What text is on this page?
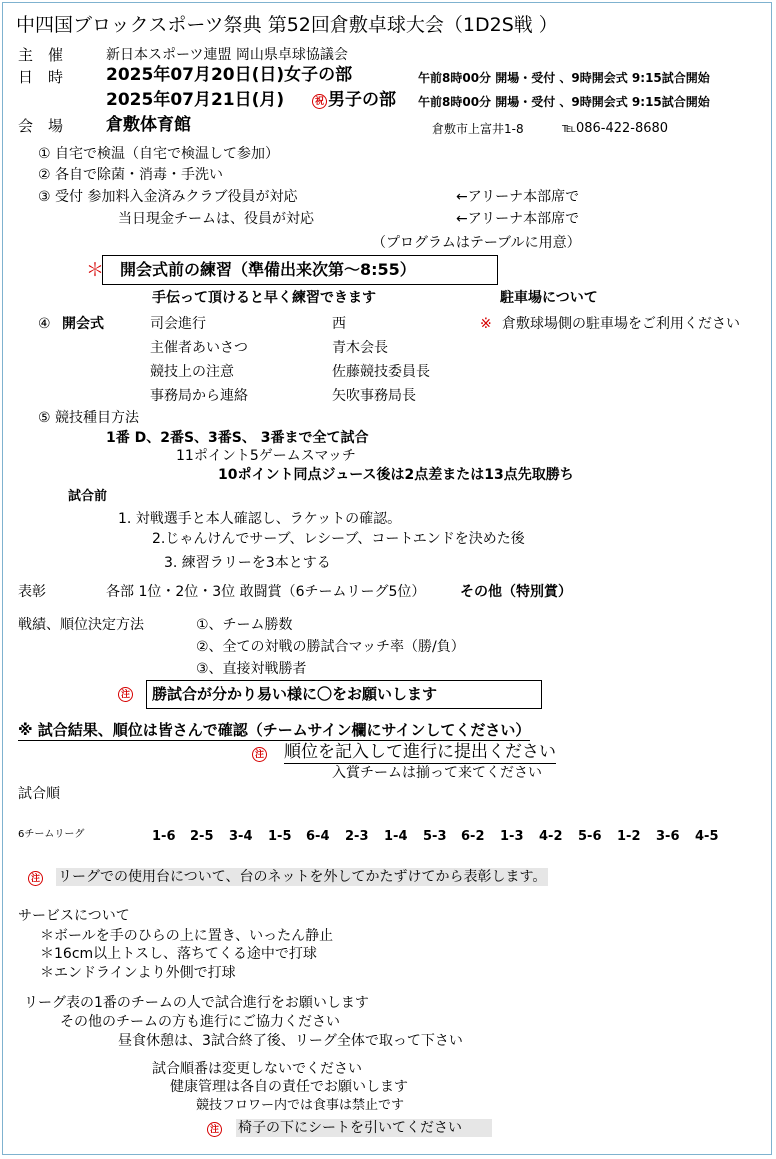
中四国ブロックスポーツ祭典 第52回倉敷卓球大会（1D2S戦 ）
主　催	新日本スポーツ連盟 岡山県卓球協議会
日　時	2025年07月20日(日)女子の部	午前8時00分 開場・受付 、9時開会式 9:15試合開始
2025年07月21日(月)	祝 男子の部 午前8時00分 開場・受付 、9時開会式 9:15試合開始
会　場	倉敷体育館	倉敷市上富井1-8	℡086-422-8680
① 自宅で検温（自宅で検温して参加）
② 各自で除菌・消毒・手洗い
③ 受付 参加料入金済みクラブ役員が対応	←アリーナ本部席で
当日現金チームは、役員が対応	←アリーナ本部席で
（プログラムはテーブルに用意）
＊ 開会式前の練習（準備出来次第～8:55）
手伝って頂けると早く練習できます	駐車場について
④ 開会式	司会進行	西	※ 倉敷球場側の駐車場をご利用ください
主催者あいさつ	青木会長
競技上の注意	佐藤競技委員長
事務局から連絡	矢吹事務局長
⑤ 競技種目方法
1番 D、2番S、3番S、 3番まで全て試合
11ポイント5ゲームスマッチ
10ポイント同点ジュース後は2点差または13点先取勝ち
試合前
1. 対戦選手と本人確認し、ラケットの確認。
2.じゃんけんでサーブ、レシーブ、コートエンドを決めた後
3. 練習ラリーを3本とする
表彰	各部 1位・2位・3位 敢闘賞（6チームリーグ5位） その他（特別賞）
戦績、順位決定方法	①、チーム勝数
②、全ての対戦の勝試合マッチ率（勝/負）
③、直接対戦勝者
注 勝試合が分かり易い様に〇をお願いします
※ 試合結果、順位は皆さんで確認（チームサイン欄にサインしてください）
注 順位を記入して進行に提出ください
入賞チームは揃って来てください
試合順
6チームリーグ	1-6 2-5 3-4 1-5 6-4 2-3 1-4 5-3 6-2 1-3 4-2 5-6 1-2 3-6 4-5
注 リーグでの使用台について、台のネットを外してかたずけてから表彰します。
サービスについて
＊ボールを手のひらの上に置き、いったん静止
＊16cm以上トスし、落ちてくる途中で打球
＊エンドラインより外側で打球
リーグ表の1番のチームの人で試合進行をお願いします
その他のチームの方も進行にご協力ください
昼食休憩は、3試合終了後、リーグ全体で取って下さい
試合順番は変更しないでください
健康管理は各自の責任でお願いします
競技フロワー内では食事は禁止です
注 椅子の下にシートを引いてください
